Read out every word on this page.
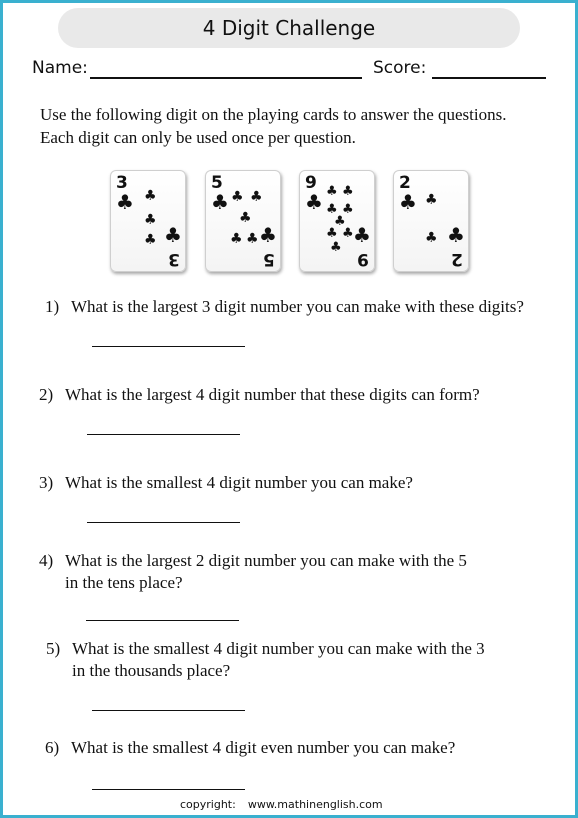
4 Digit Challenge
Name:	Score:
Use the following digit on the playing cards to answer the questions.
Each digit can only be used once per question.
3
♣ ♣
♣
♣ ♣
3
5
♣ ♣ ♣
♣
♣ ♣ ♣
5
9
♣ ♣ ♣
♣ ♣
♣
♣ ♣
♣
♣
9
2
♣ ♣
♣ ♣
2
1) What is the largest 3 digit number you can make with these digits?
2) What is the largest 4 digit number that these digits can form?
3) What is the smallest 4 digit number you can make?
4) What is the largest 2 digit number you can make with the 5
in the tens place?
5) What is the smallest 4 digit number you can make with the 3
in the thousands place?
6) What is the smallest 4 digit even number you can make?
copyright: www.mathinenglish.com
